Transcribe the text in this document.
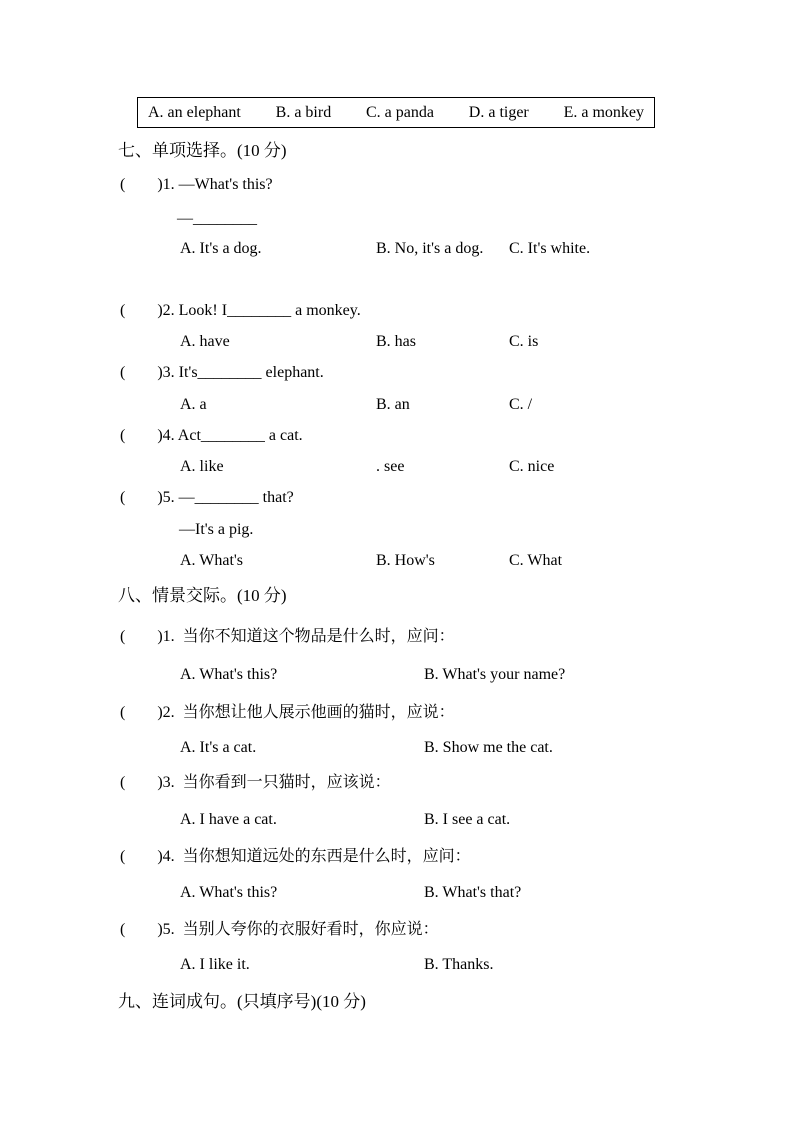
A. an elephant B. a bird C. a panda D. a tiger E. a monkey
七、单项选择。(10 分)
(        )1. —What's this?
—________

A. It's a dog.

	B. No, it's a dog.

C. It's white.

(        )2. Look! I________ a monkey.

A. have

	B. has

	C. is

(        )3. It's________ elephant.

A. a

	B. an

	C. /

(        )4. Act________ a cat.

A. like

	. see

	C. nice

(        )5. —________ that?
—It's a pig.

A. What's

	B. How's

	C. What

八、情景交际。(10 分)
(        )1.  当你不知道这个物品是什么时，应问：

A. What's this?

	B. What's your name?

(        )2.  当你想让他人展示他画的猫时，应说：

A. It's a cat.

	B. Show me the cat.

(        )3.  当你看到一只猫时，应该说：

A. I have a cat.

	B. I see a cat.

(        )4.  当你想知道远处的东西是什么时，应问：

A. What's this?

	B. What's that?

(        )5.  当别人夸你的衣服好看时，你应说：

A. I like it.

	B. Thanks.

九、连词成句。(只填序号)(10 分)
